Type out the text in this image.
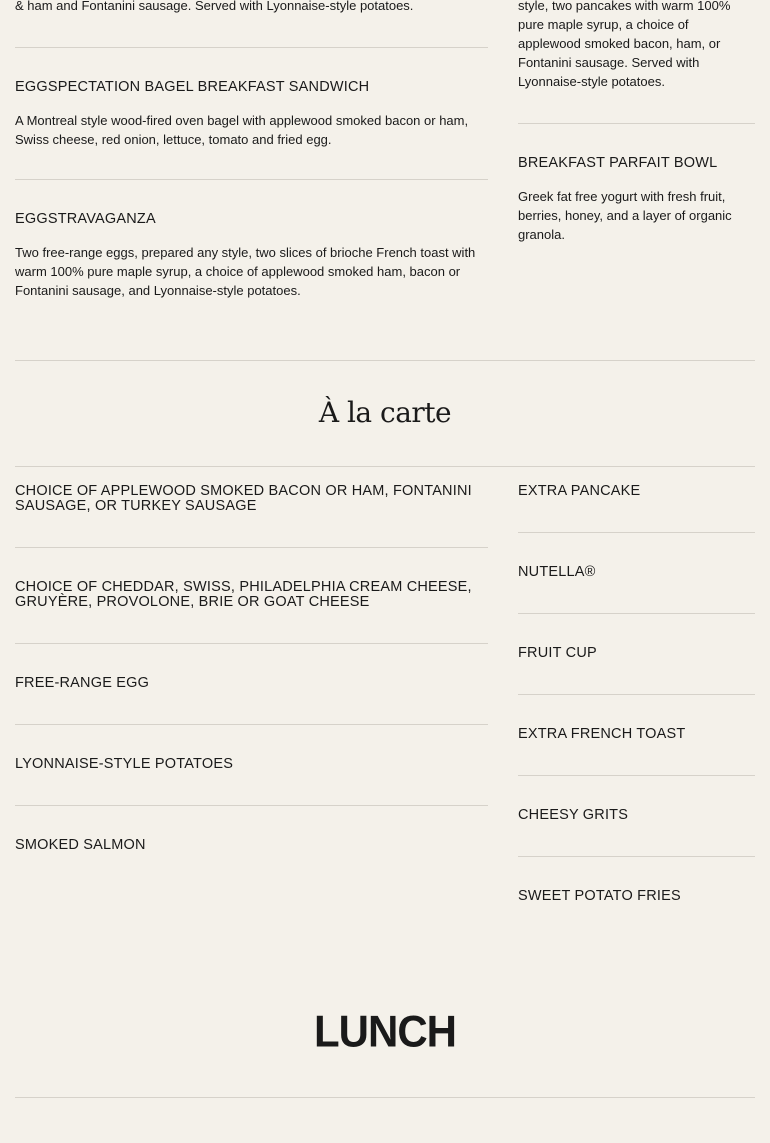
& ham and Fontanini sausage. Served with Lyonnaise-style potatoes.	style, two pancakes with warm 100% pure maple syrup, a choice of applewood smoked bacon, ham, or Fontanini sausage. Served with Lyonnaise-style potatoes.

EGGSPECTATION BAGEL BREAKFAST SANDWICH

A Montreal style wood-fired oven bagel with applewood smoked bacon or ham, Swiss cheese, red onion, lettuce, tomato and fried egg.

EGGSTRAVAGANZA

Two free-range eggs, prepared any style, two slices of brioche French toast with warm 100% pure maple syrup, a choice of applewood smoked ham, bacon or Fontanini sausage, and Lyonnaise-style potatoes.

BREAKFAST PARFAIT BOWL

Greek fat free yogurt with fresh fruit, berries, honey, and a layer of organic granola.

À la carte

CHOICE OF APPLEWOOD SMOKED BACON OR HAM, FONTANINI SAUSAGE, OR TURKEY SAUSAGE

CHOICE OF CHEDDAR, SWISS, PHILADELPHIA CREAM CHEESE, GRUYÈRE, PROVOLONE, BRIE OR GOAT CHEESE

FREE-RANGE EGG

LYONNAISE-STYLE POTATOES

SMOKED SALMON

EXTRA PANCAKE

NUTELLA®

FRUIT CUP

EXTRA FRENCH TOAST

CHEESY GRITS

SWEET POTATO FRIES

LUNCH
